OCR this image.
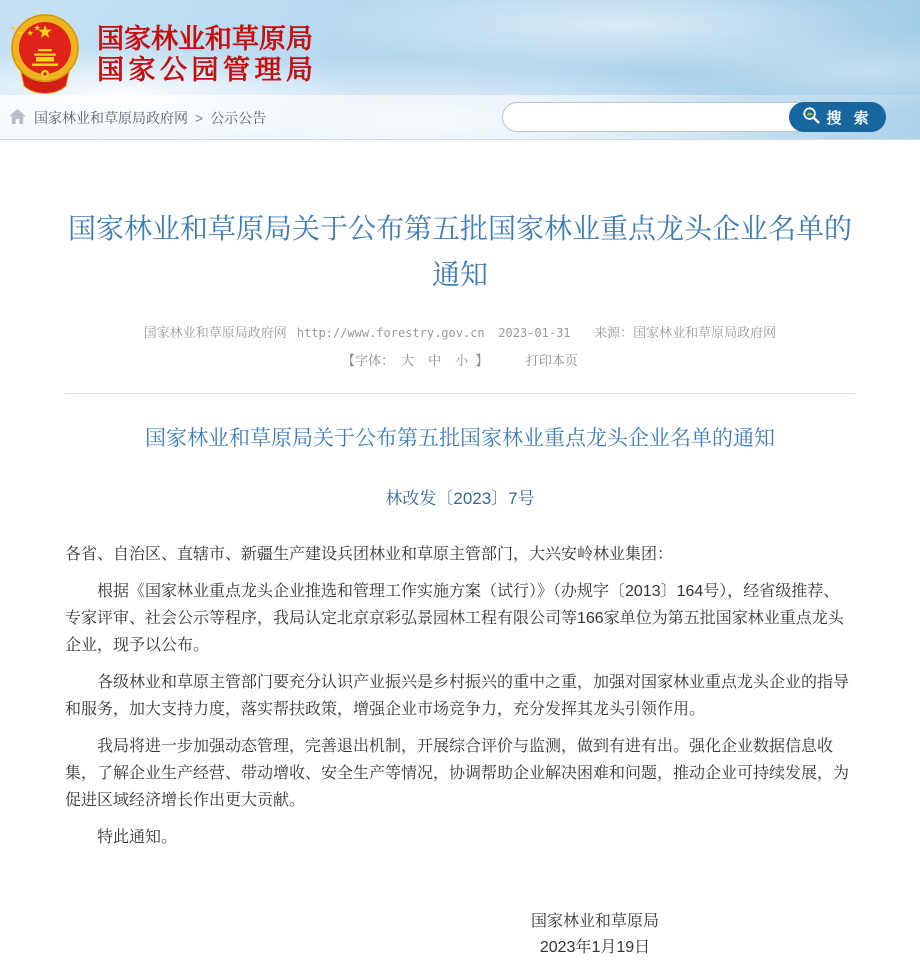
国家林业和草原局
国家公园管理局
国家林业和草原局政府网 > 公示公告	搜 索
国家林业和草原局关于公布第五批国家林业重点龙头企业名单的通知
国家林业和草原局政府网 http://www.forestry.gov.cn 2023-01-31 来源：国家林业和草原局政府网
【字体： 大 中 小 】	打印本页
国家林业和草原局关于公布第五批国家林业重点龙头企业名单的通知
林改发〔2023〕7号

各省、自治区、直辖市、新疆生产建设兵团林业和草原主管部门，大兴安岭林业集团：

根据《国家林业重点龙头企业推选和管理工作实施方案（试行）》（办规字〔2013〕164号），经省级推荐、专家评审、社会公示等程序，我局认定北京京彩弘景园林工程有限公司等166家单位为第五批国家林业重点龙头企业，现予以公布。

各级林业和草原主管部门要充分认识产业振兴是乡村振兴的重中之重，加强对国家林业重点龙头企业的指导和服务，加大支持力度，落实帮扶政策，增强企业市场竞争力，充分发挥其龙头引领作用。

我局将进一步加强动态管理，完善退出机制，开展综合评价与监测，做到有进有出。强化企业数据信息收集，了解企业生产经营、带动增收、安全生产等情况，协调帮助企业解决困难和问题，推动企业可持续发展，为促进区域经济增长作出更大贡献。

特此通知。

国家林业和草原局
2023年1月19日
